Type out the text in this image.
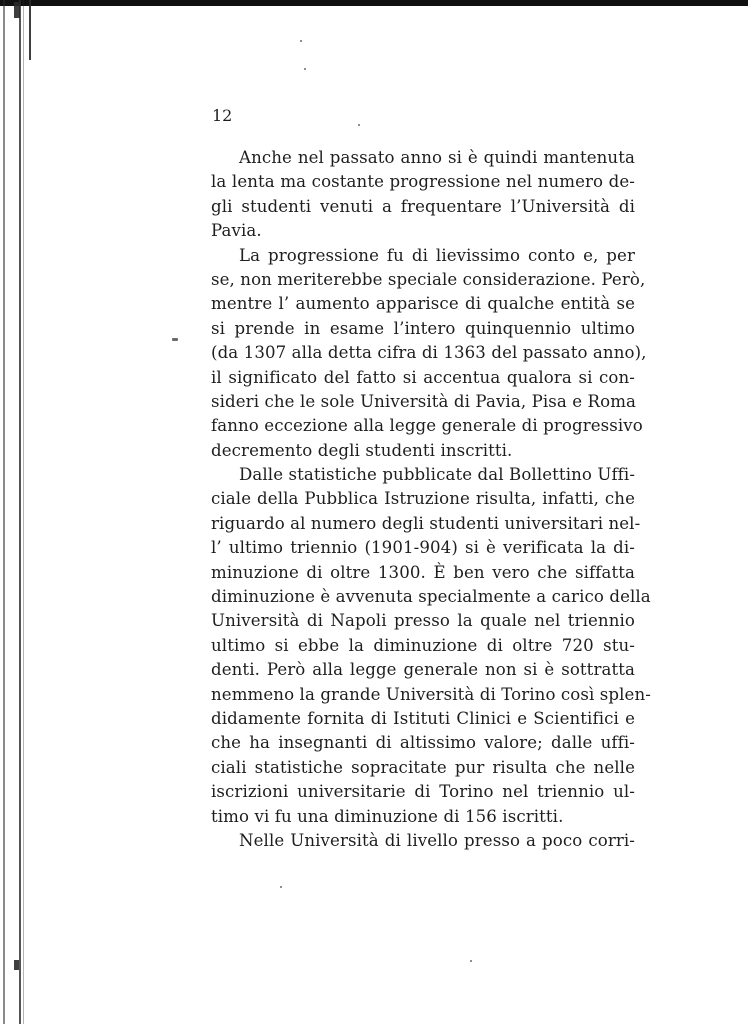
12
Anche nel passato anno si è quindi mantenuta
la lenta ma costante progressione nel numero de-
gli studenti venuti a frequentare l’Università di
Pavia.
La progressione fu di lievissimo conto e, per
se, non meriterebbe speciale considerazione. Però,
mentre l’ aumento apparisce di qualche entità se
si prende in esame l’intero quinquennio ultimo
(da 1307 alla detta cifra di 1363 del passato anno),
il significato del fatto si accentua qualora si con-
sideri che le sole Università di Pavia, Pisa e Roma
fanno eccezione alla legge generale di progressivo
decremento degli studenti inscritti.
Dalle statistiche pubblicate dal Bollettino Uffi-
ciale della Pubblica Istruzione risulta, infatti, che
riguardo al numero degli studenti universitari nel-
l’ ultimo triennio (1901-904) si è verificata la di-
minuzione di oltre 1300. È ben vero che siffatta
diminuzione è avvenuta specialmente a carico della
Università di Napoli presso la quale nel triennio
ultimo si ebbe la diminuzione di oltre 720 stu-
denti. Però alla legge generale non si è sottratta
nemmeno la grande Università di Torino così splen-
didamente fornita di Istituti Clinici e Scientifici e
che ha insegnanti di altissimo valore; dalle uffi-
ciali statistiche sopracitate pur risulta che nelle
iscrizioni universitarie di Torino nel triennio ul-
timo vi fu una diminuzione di 156 iscritti.
Nelle Università di livello presso a poco corri-
